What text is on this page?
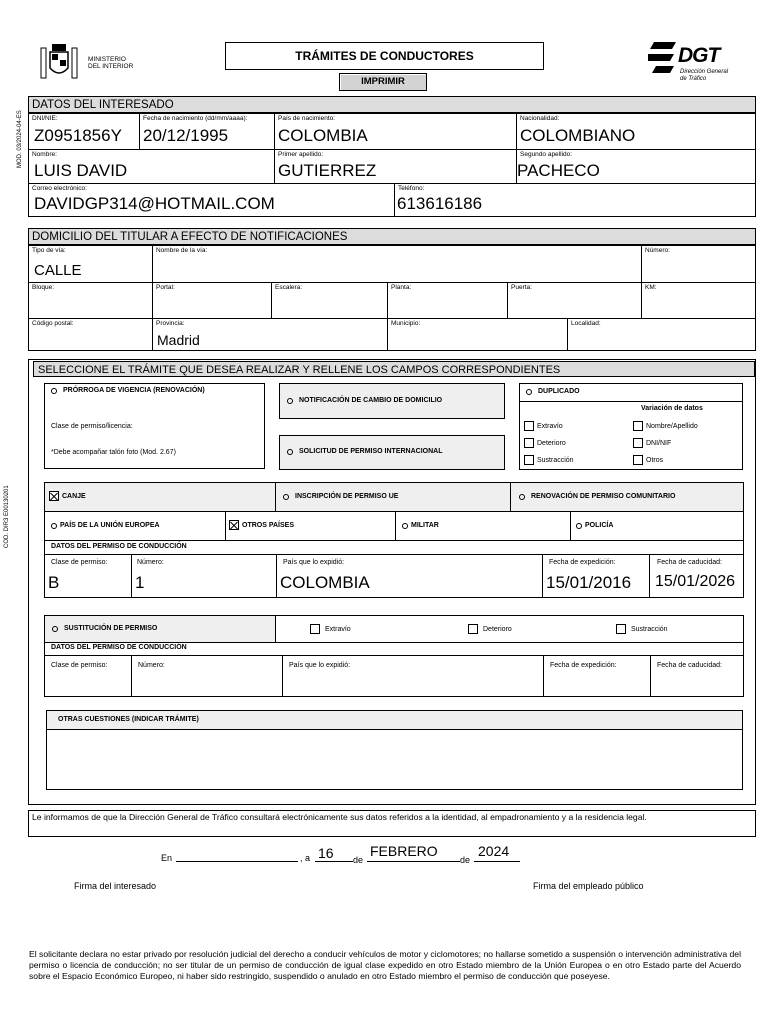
MINISTERIO
DEL INTERIOR
TRÁMITES DE CONDUCTORES
IMPRIMIR
DGT
Dirección General
de Tráfico
MOD. 03/2024-04-ES
COD. DIR3 E00130201
DATOS DEL INTERESADO
DNI/NIE:
Z0951856Y
Fecha de nacimiento (dd/mm/aaaa):
20/12/1995
País de nacimiento:
COLOMBIA
Nacionalidad:
COLOMBIANO
Nombre:
LUIS DAVID
Primer apellido:
GUTIERREZ
Segundo apellido:
PACHECO
Correo electrónico:
DAVIDGP314@HOTMAIL.COM
Teléfono:
613616186
DOMICILIO DEL TITULAR A EFECTO DE NOTIFICACIONES
Tipo de vía:
CALLE
Nombre de la vía:	Número:
Bloque:	Portal:	Escalera:	Planta:	Puerta:	KM:
Código postal:	Provincia:
Madrid
Municipio:	Localidad:
SELECCIONE EL TRÁMITE QUE DESEA REALIZAR Y RELLENE LOS CAMPOS CORRESPONDIENTES
PRÓRROGA DE VIGENCIA (RENOVACIÓN)
Clase de permiso/licencia:
*Debe acompañar talón foto (Mod. 2.67)
NOTIFICACIÓN DE CAMBIO DE DOMICILIO
SOLICITUD DE PERMISO INTERNACIONAL
DUPLICADO
Variación de datos
Extravío
Deterioro
Sustracción
Nombre/Apellido
DNI/NIF
Otros
CANJE	INSCRIPCIÓN DE PERMISO UE	RENOVACIÓN DE PERMISO COMUNITARIO
PAÍS DE LA UNIÓN EUROPEA	OTROS PAÍSES	MILITAR	POLICÍA
DATOS DEL PERMISO DE CONDUCCIÓN
Clase de permiso:
B
Número:
1
País que lo expidió:
COLOMBIA
Fecha de expedición:
15/01/2016
Fecha de caducidad:
15/01/2026
SUSTITUCIÓN DE PERMISO	Extravío	Deterioro	Sustracción
DATOS DEL PERMISO DE CONDUCCIÓN
Clase de permiso:	Número:	País que lo expidió:	Fecha de expedición:	Fecha de caducidad:
OTRAS CUESTIONES (INDICAR TRÁMITE)
Le informamos de que la Dirección General de Tráfico consultará electrónicamente sus datos referidos a la identidad, al empadronamiento y a la residencia legal.
En	, a 16 de
FEBRERO
de
2024
Firma del interesado	Firma del empleado público
El solicitante declara no estar privado por resolución judicial del derecho a conducir vehículos de motor y ciclomotores; no hallarse sometido a suspensión o intervención administrativa del permiso o licencia de conducción; no ser titular de un permiso de conducción de igual clase expedido en otro Estado miembro de la Unión Europea o en otro Estado parte del Acuerdo sobre el Espacio Económico Europeo, ni haber sido restringido, suspendido o anulado en otro Estado miembro el permiso de conducción que poseyese.
